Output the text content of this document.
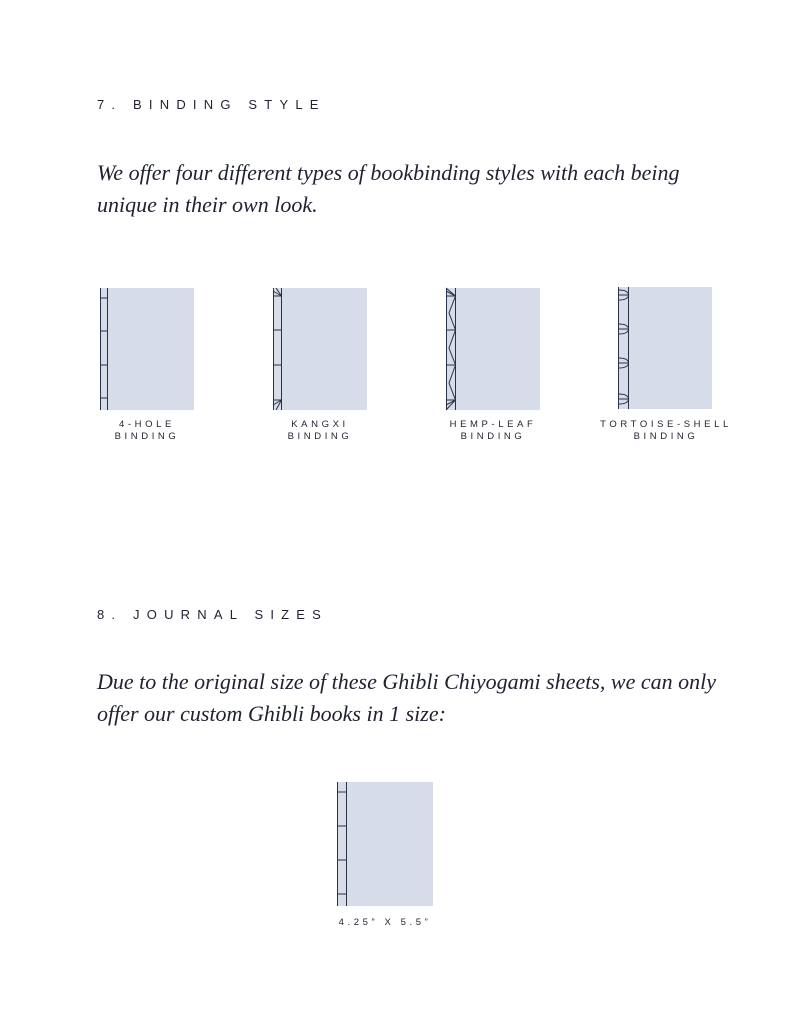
7. BINDING STYLE

We offer four different types of bookbinding styles with each being unique in their own look.

4-HOLE
BINDING
KANGXI
BINDING
HEMP-LEAF
BINDING
TORTOISE-SHELL
BINDING
8. JOURNAL SIZES

Due to the original size of these Ghibli Chiyogami sheets, we can only offer our custom Ghibli books in 1 size:

4.25” X 5.5”
